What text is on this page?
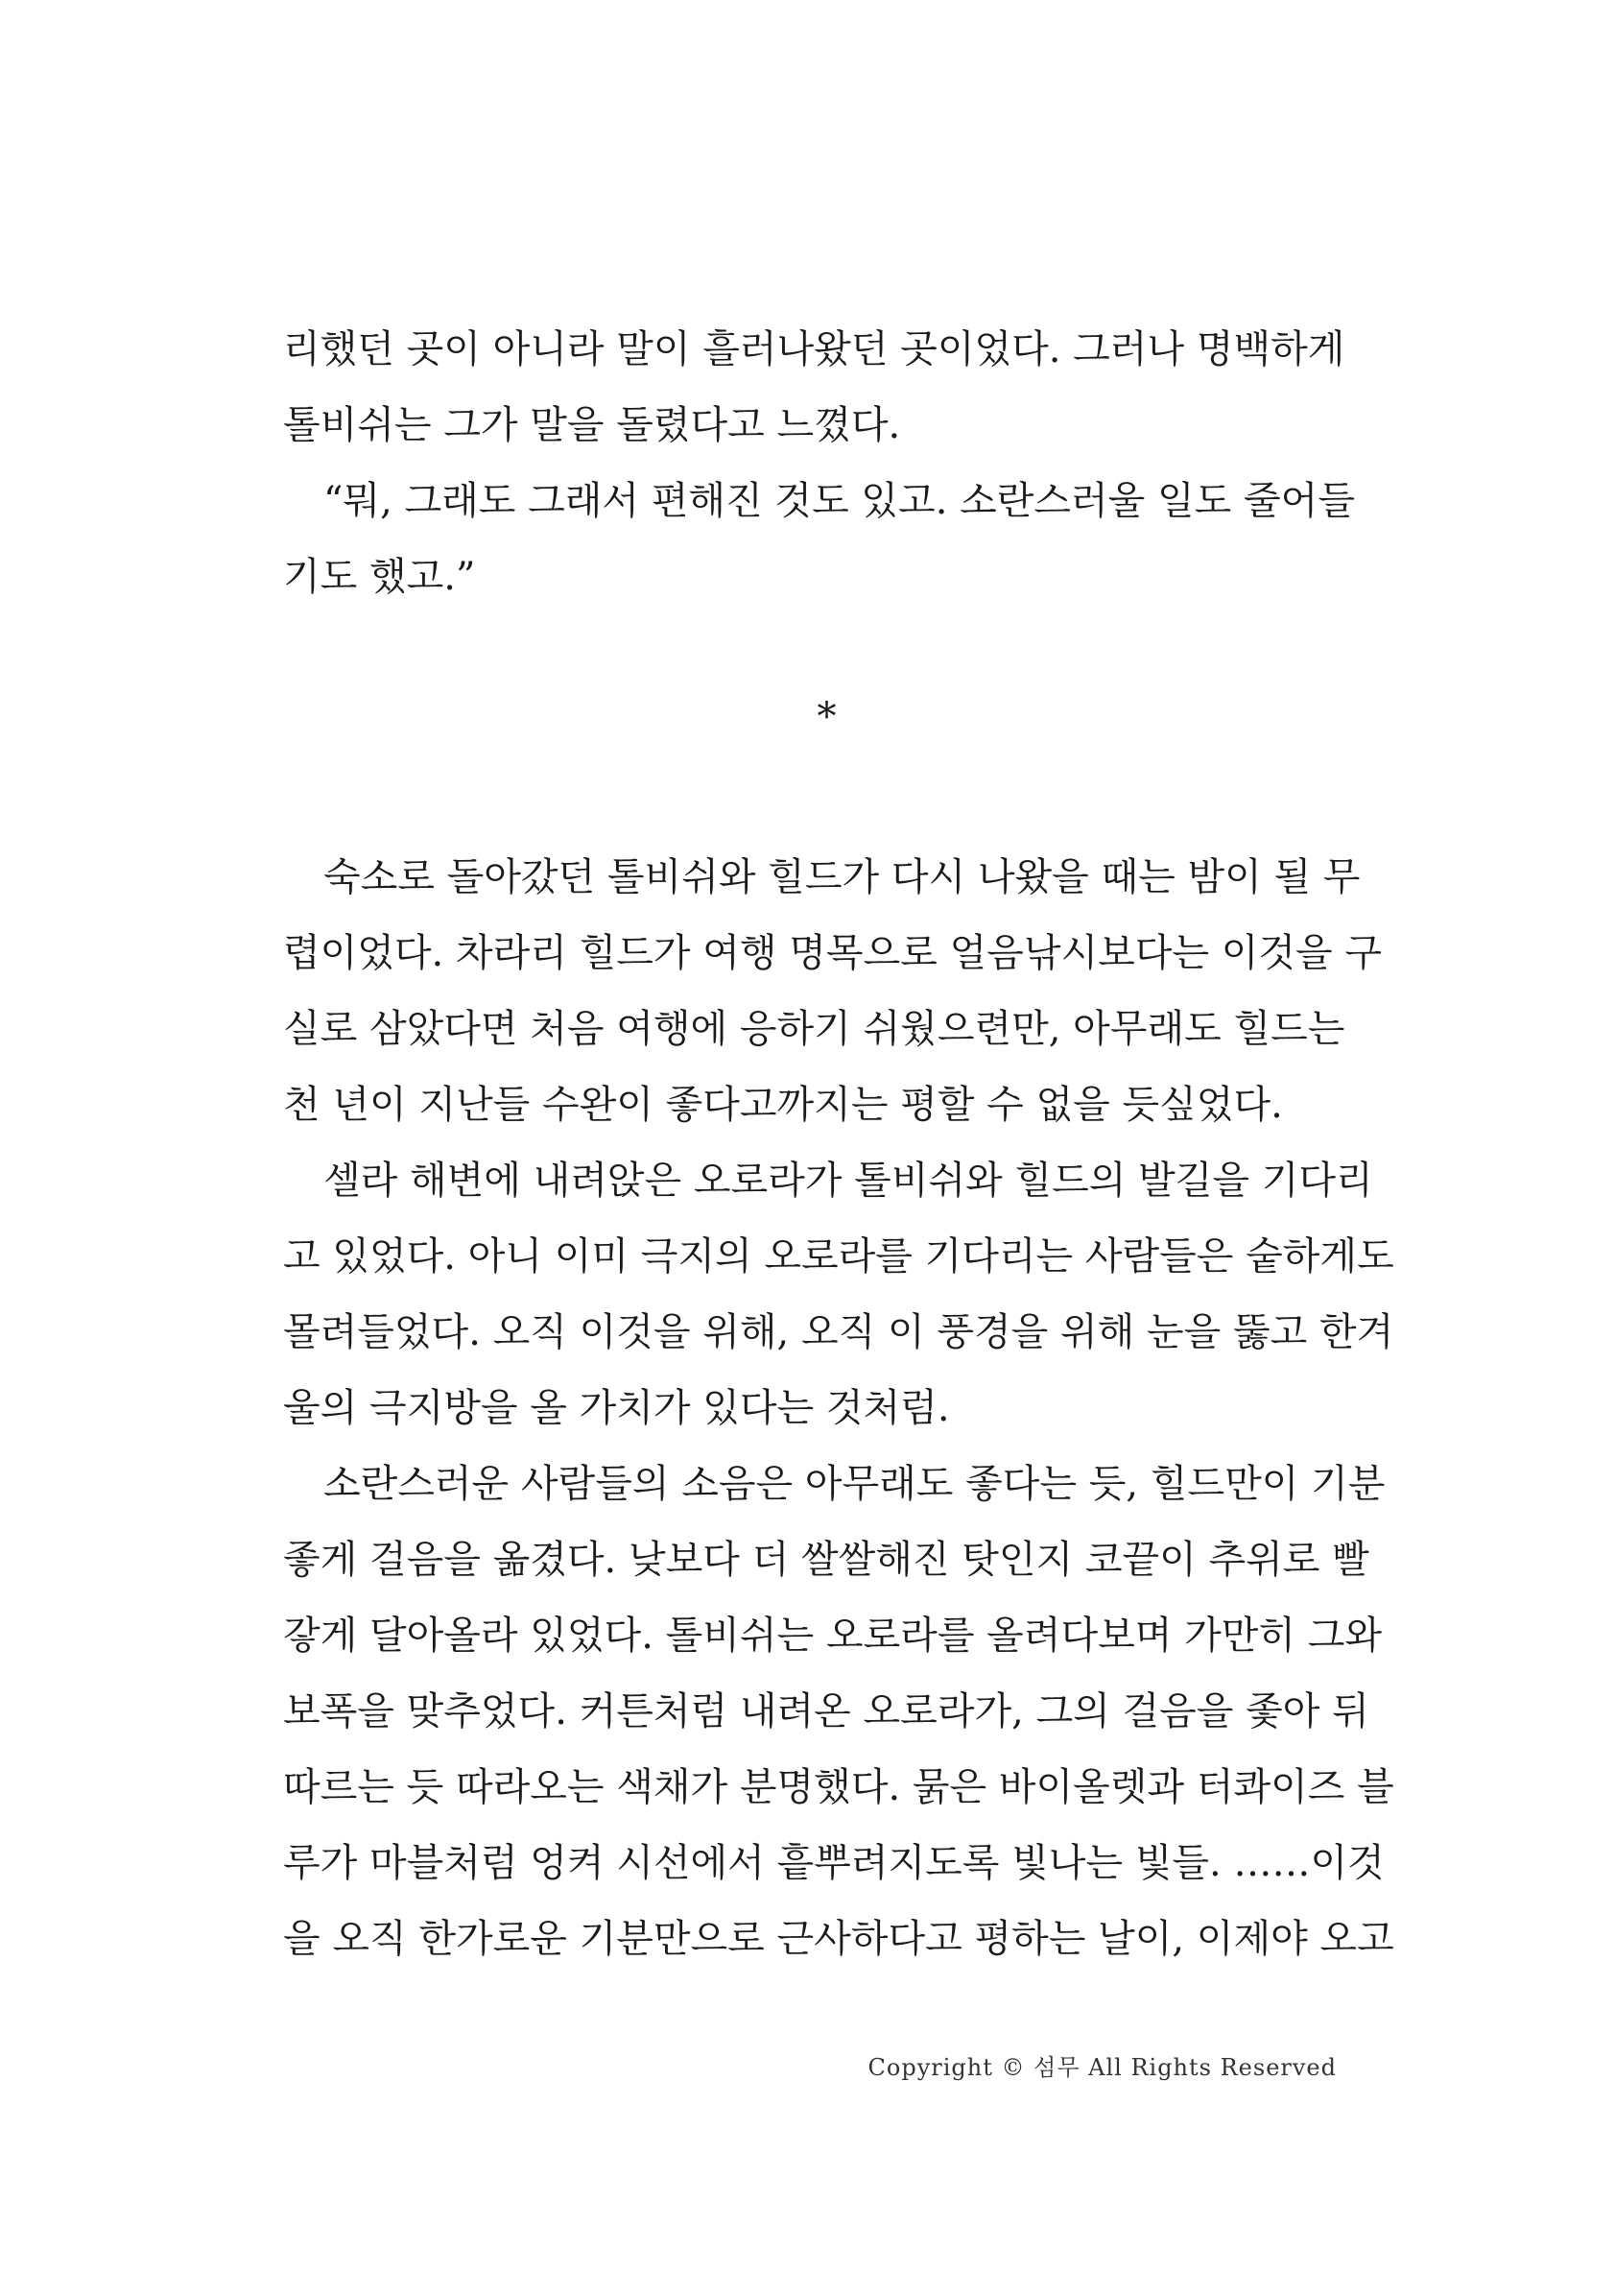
리했던 곳이 아니라 말이 흘러나왔던 곳이었다. 그러나 명백하게
톨비쉬는 그가 말을 돌렸다고 느꼈다.
“뭐, 그래도 그래서 편해진 것도 있고. 소란스러울 일도 줄어들
기도 했고.”
*
숙소로 돌아갔던 톨비쉬와 힐드가 다시 나왔을 때는 밤이 될 무
렵이었다. 차라리 힐드가 여행 명목으로 얼음낚시보다는 이것을 구
실로 삼았다면 처음 여행에 응하기 쉬웠으련만, 아무래도 힐드는
천 년이 지난들 수완이 좋다고까지는 평할 수 없을 듯싶었다.
셀라 해변에 내려앉은 오로라가 톨비쉬와 힐드의 발길을 기다리
고 있었다. 아니 이미 극지의 오로라를 기다리는 사람들은 숱하게도
몰려들었다. 오직 이것을 위해, 오직 이 풍경을 위해 눈을 뚫고 한겨
울의 극지방을 올 가치가 있다는 것처럼.
소란스러운 사람들의 소음은 아무래도 좋다는 듯, 힐드만이 기분
좋게 걸음을 옮겼다. 낮보다 더 쌀쌀해진 탓인지 코끝이 추위로 빨
갛게 달아올라 있었다. 톨비쉬는 오로라를 올려다보며 가만히 그와
보폭을 맞추었다. 커튼처럼 내려온 오로라가, 그의 걸음을 좇아 뒤
따르는 듯 따라오는 색채가 분명했다. 묽은 바이올렛과 터콰이즈 블
루가 마블처럼 엉켜 시선에서 흩뿌려지도록 빛나는 빛들. ……이것
을 오직 한가로운 기분만으로 근사하다고 평하는 날이, 이제야 오고
Copyright © 섬무 All Rights Reserved
